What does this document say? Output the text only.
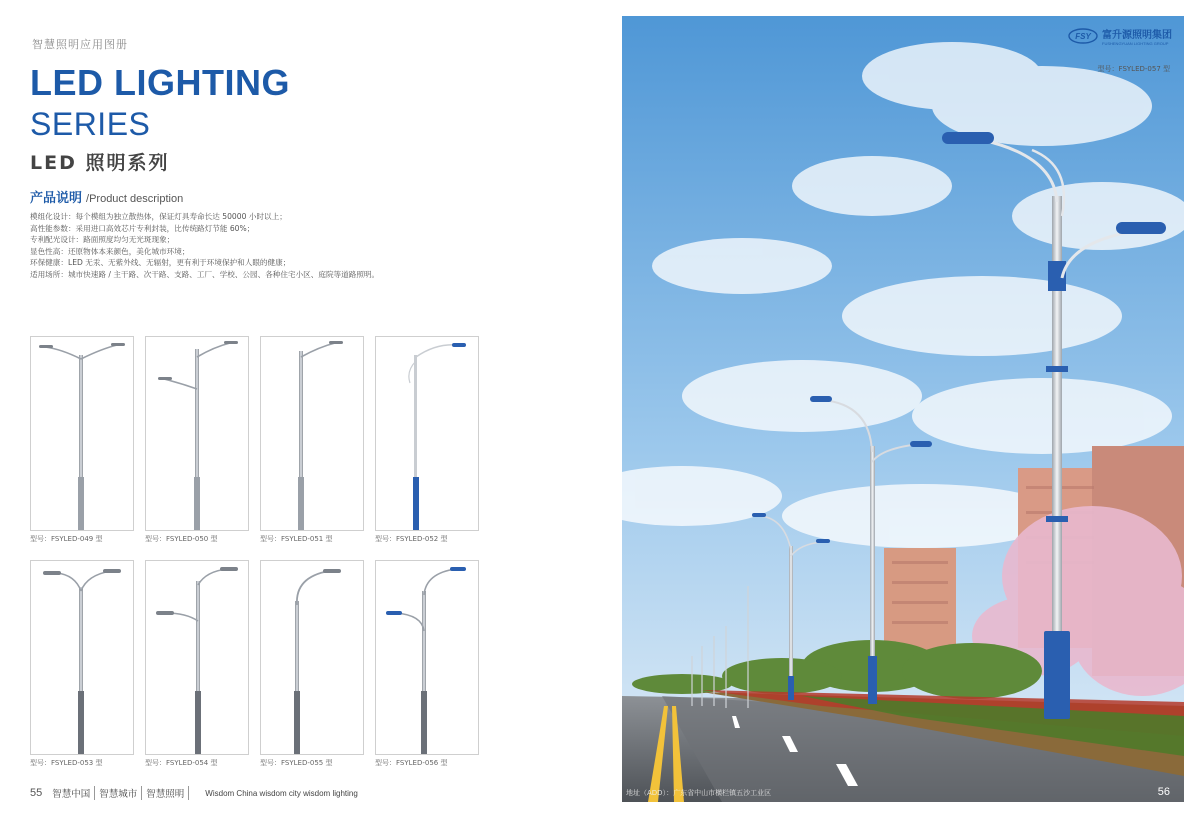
智慧照明应用图册
LED LIGHTING
SERIES
LED 照明系列
产品说明 /Product description
模组化设计：每个模组为独立散热体，保证灯具寿命长达 50000 小时以上；
高性能参数：采用进口高效芯片专利封装，比传统路灯节能 60%；
专利配光设计：路面照度均匀无光斑现象；
显色性高：还原物体本来颜色，美化城市环境；
环保健康：LED 无汞、无紫外线、无辐射，更有利于环境保护和人眼的健康；
适用场所：城市快速路 / 主干路、次干路、支路、工厂、学校、公园、各种住宅小区、庭院等道路照明。
型号：FSYLED-049 型	型号：FSYLED-050 型	型号：FSYLED-051 型	型号：FSYLED-052 型
型号：FSYLED-053 型	型号：FSYLED-054 型	型号：FSYLED-055 型	型号：FSYLED-056 型
55	智慧中国 智慧城市 智慧照明	Wisdom China wisdom city wisdom lighting
FSY 富升源照明集团
FUSHENGYUAN LIGHTING GROUP
型号：FSYLED-057 型
地址（ADD）：广东省中山市横栏镇五沙工业区	56
